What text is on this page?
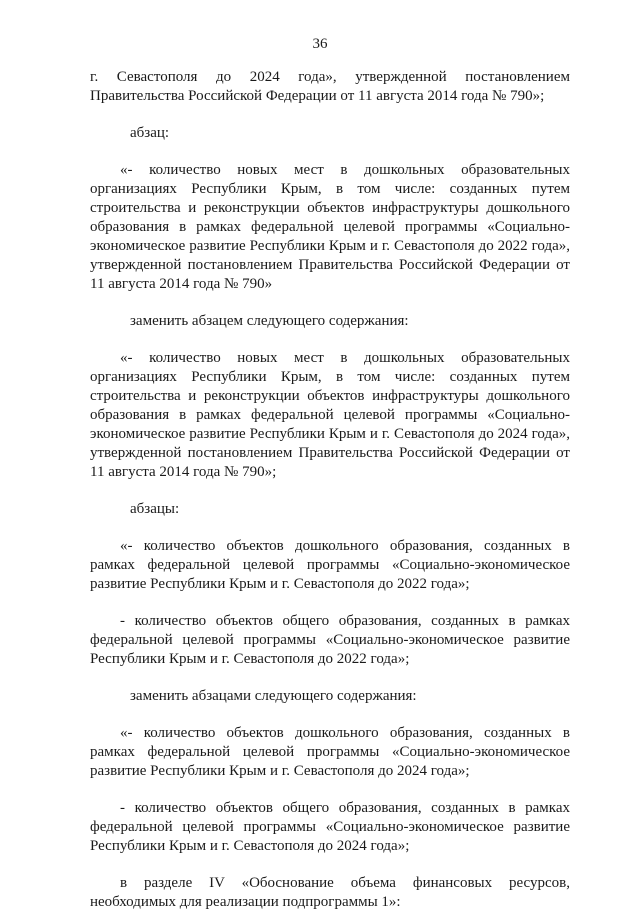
36

г. Севастополя до 2024 года», утвержденной постановлением Правительства Российской Федерации от 11 августа 2014 года № 790»;

абзац:

«- количество новых мест в дошкольных образовательных организациях Республики Крым, в том числе: созданных путем строительства и реконструкции объектов инфраструктуры дошкольного образования в рамках федеральной целевой программы «Социально-экономическое развитие Республики Крым и г. Севастополя до 2022 года», утвержденной постановлением Правительства Российской Федерации от 11 августа 2014 года № 790»

заменить абзацем следующего содержания:

«- количество новых мест в дошкольных образовательных организациях Республики Крым, в том числе: созданных путем строительства и реконструкции объектов инфраструктуры дошкольного образования в рамках федеральной целевой программы «Социально-экономическое развитие Республики Крым и г. Севастополя до 2024 года», утвержденной постановлением Правительства Российской Федерации от 11 августа 2014 года № 790»;

абзацы:

«- количество объектов дошкольного образования, созданных в рамках федеральной целевой программы «Социально-экономическое развитие Республики Крым и г. Севастополя до 2022 года»;

- количество объектов общего образования, созданных в рамках федеральной целевой программы «Социально-экономическое развитие Республики Крым и г. Севастополя до 2022 года»;

заменить абзацами следующего содержания:

«- количество объектов дошкольного образования, созданных в рамках федеральной целевой программы «Социально-экономическое развитие Республики Крым и г. Севастополя до 2024 года»;

- количество объектов общего образования, созданных в рамках федеральной целевой программы «Социально-экономическое развитие Республики Крым и г. Севастополя до 2024 года»;

в разделе IV «Обоснование объема финансовых ресурсов, необходимых для реализации подпрограммы 1»:
